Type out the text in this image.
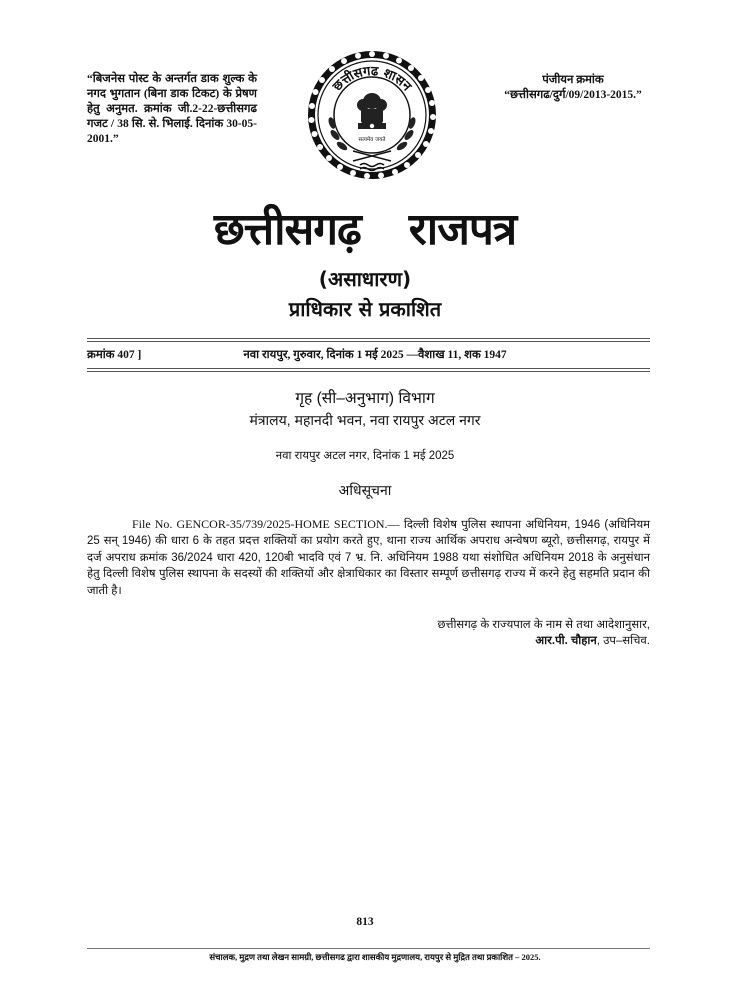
“बिजनेस पोस्ट के अन्तर्गत डाक शुल्क के नगद भुगतान (बिना डाक टिकट) के प्रेषण हेतु अनुमत. क्रमांक जी.2-22-छत्तीसगढ गजट / 38 सि. से. भिलाई. दिनांक 30-05-2001.”
पंजीयन क्रमांक
“छत्तीसगढ/दुर्ग/09/2013-2015.”
छत्तीसगढ शासन
सत्यमेव जयते
छत्तीसगढ़ राजपत्र
(असाधारण)
प्राधिकार से प्रकाशित
क्रमांक 407 ]	नवा रायपुर, गुरुवार, दिनांक 1 मई 2025 —वैशाख 11, शक 1947
गृह (सी–अनुभाग) विभाग
मंत्रालय, महानदी भवन, नवा रायपुर अटल नगर
नवा रायपुर अटल नगर, दिनांक 1 मई 2025
अधिसूचना
File No. GENCOR-35/739/2025-HOME SECTION.— दिल्ली विशेष पुलिस स्थापना अधिनियम, 1946 (अधिनियम 25 सन् 1946) की धारा 6 के तहत प्रदत्त शक्तियों का प्रयोग करते हुए, थाना राज्य आर्थिक अपराध अन्वेषण ब्यूरो, छत्तीसगढ़, रायपुर में दर्ज अपराध क्रमांक 36/2024 धारा 420, 120बी भादवि एवं 7 भ्र. नि. अधिनियम 1988 यथा संशोधित अधिनियम 2018 के अनुसंधान हेतु दिल्ली विशेष पुलिस स्थापना के सदस्यों की शक्तियों और क्षेत्राधिकार का विस्तार सम्पूर्ण छत्तीसगढ़ राज्य में करने हेतु सहमति प्रदान की जाती है।
छत्तीसगढ़ के राज्यपाल के नाम से तथा आदेशानुसार,
आर.पी. चौहान, उप–सचिव.
813
संचालक, मुद्रण तथा लेखन सामग्री, छत्तीसगढ द्वारा शासकीय मुद्रणालय, रायपुर से मुद्रित तथा प्रकाशित – 2025.
